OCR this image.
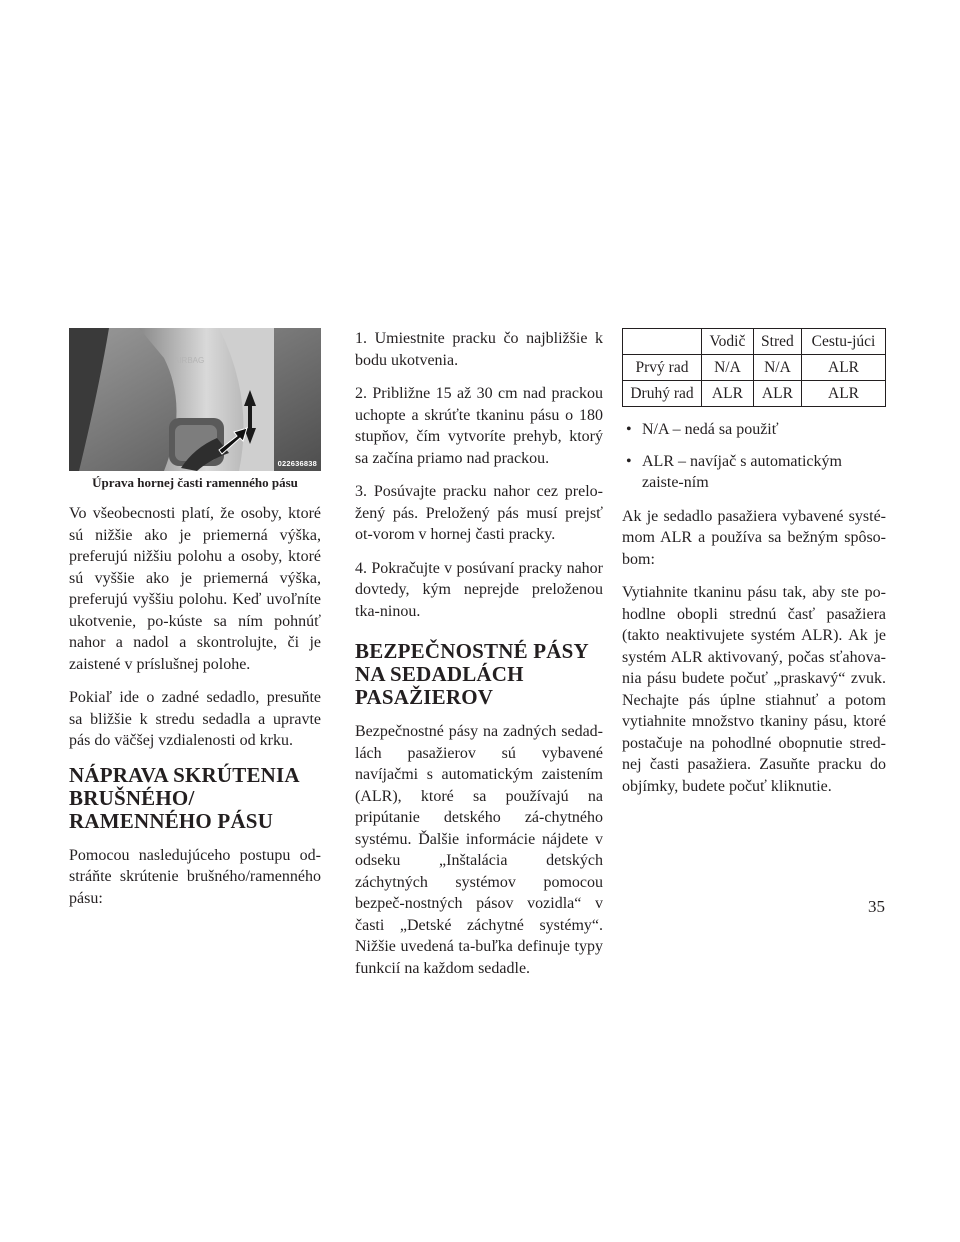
AIRBAG
022636838
Úprava hornej časti ramenného pásu

Vo všeobecnosti platí, že osoby, ktoré sú nižšie ako je priemerná výška, preferujú nižšiu polohu a osoby, ktoré sú vyššie ako je priemerná výška, preferujú vyššiu polohu. Keď uvoľníte ukotvenie, po-kúste sa ním pohnúť nahor a nadol a skontrolujte, či je zaistené v príslušnej polohe.

Pokiaľ ide o zadné sedadlo, presuňte sa bližšie k stredu sedadla a upravte pás do väčšej vzdialenosti od krku.

NÁPRAVA SKRÚTENIA BRUŠNÉHO/ RAMENNÉHO PÁSU

Pomocou nasledujúceho postupu od-stráňte skrútenie brušného/ramenného pásu:

1. Umiestnite pracku čo najbližšie k bodu ukotvenia.

2. Približne 15 až 30 cm nad prackou uchopte a skrúťte tkaninu pásu o 180 stupňov, čím vytvoríte prehyb, ktorý sa začína priamo nad prackou.

3. Posúvajte pracku nahor cez prelo-žený pás. Preložený pás musí prejsť ot-vorom v hornej časti pracky.

4. Pokračujte v posúvaní pracky nahor dovtedy, kým neprejde preloženou tka-ninou.

BEZPEČNOSTNÉ PÁSY NA SEDADLÁCH PASAŽIEROV

Bezpečnostné pásy na zadných sedad-lách pasažierov sú vybavené navíjačmi s automatickým zaistením (ALR), ktoré sa používajú na pripútanie detského zá-chytného systému. Ďalšie informácie nájdete v odseku „Inštalácia detských záchytných systémov pomocou bezpeč-nostných pásov vozidla“ v časti „Detské záchytné systémy“. Nižšie uvedená ta-buľka definuje typy funkcií na každom sedadle.

	Vodič	Stred	Cestu-júci
Prvý rad	N/A	N/A	ALR
Druhý rad	ALR	ALR	ALR
• N/A – nedá sa použiť
• ALR – navíjač s automatickým zaiste-ním

Ak je sedadlo pasažiera vybavené systé-mom ALR a používa sa bežným spôso-bom:

Vytiahnite tkaninu pásu tak, aby ste po-hodlne obopli strednú časť pasažiera (takto neaktivujete systém ALR). Ak je systém ALR aktivovaný, počas sťahova-nia pásu budete počuť „praskavý“ zvuk. Nechajte pás úplne stiahnuť a potom vytiahnite množstvo tkaniny pásu, ktoré postačuje na pohodlné obopnutie stred-nej časti pasažiera. Zasuňte pracku do objímky, budete počuť kliknutie.

35
